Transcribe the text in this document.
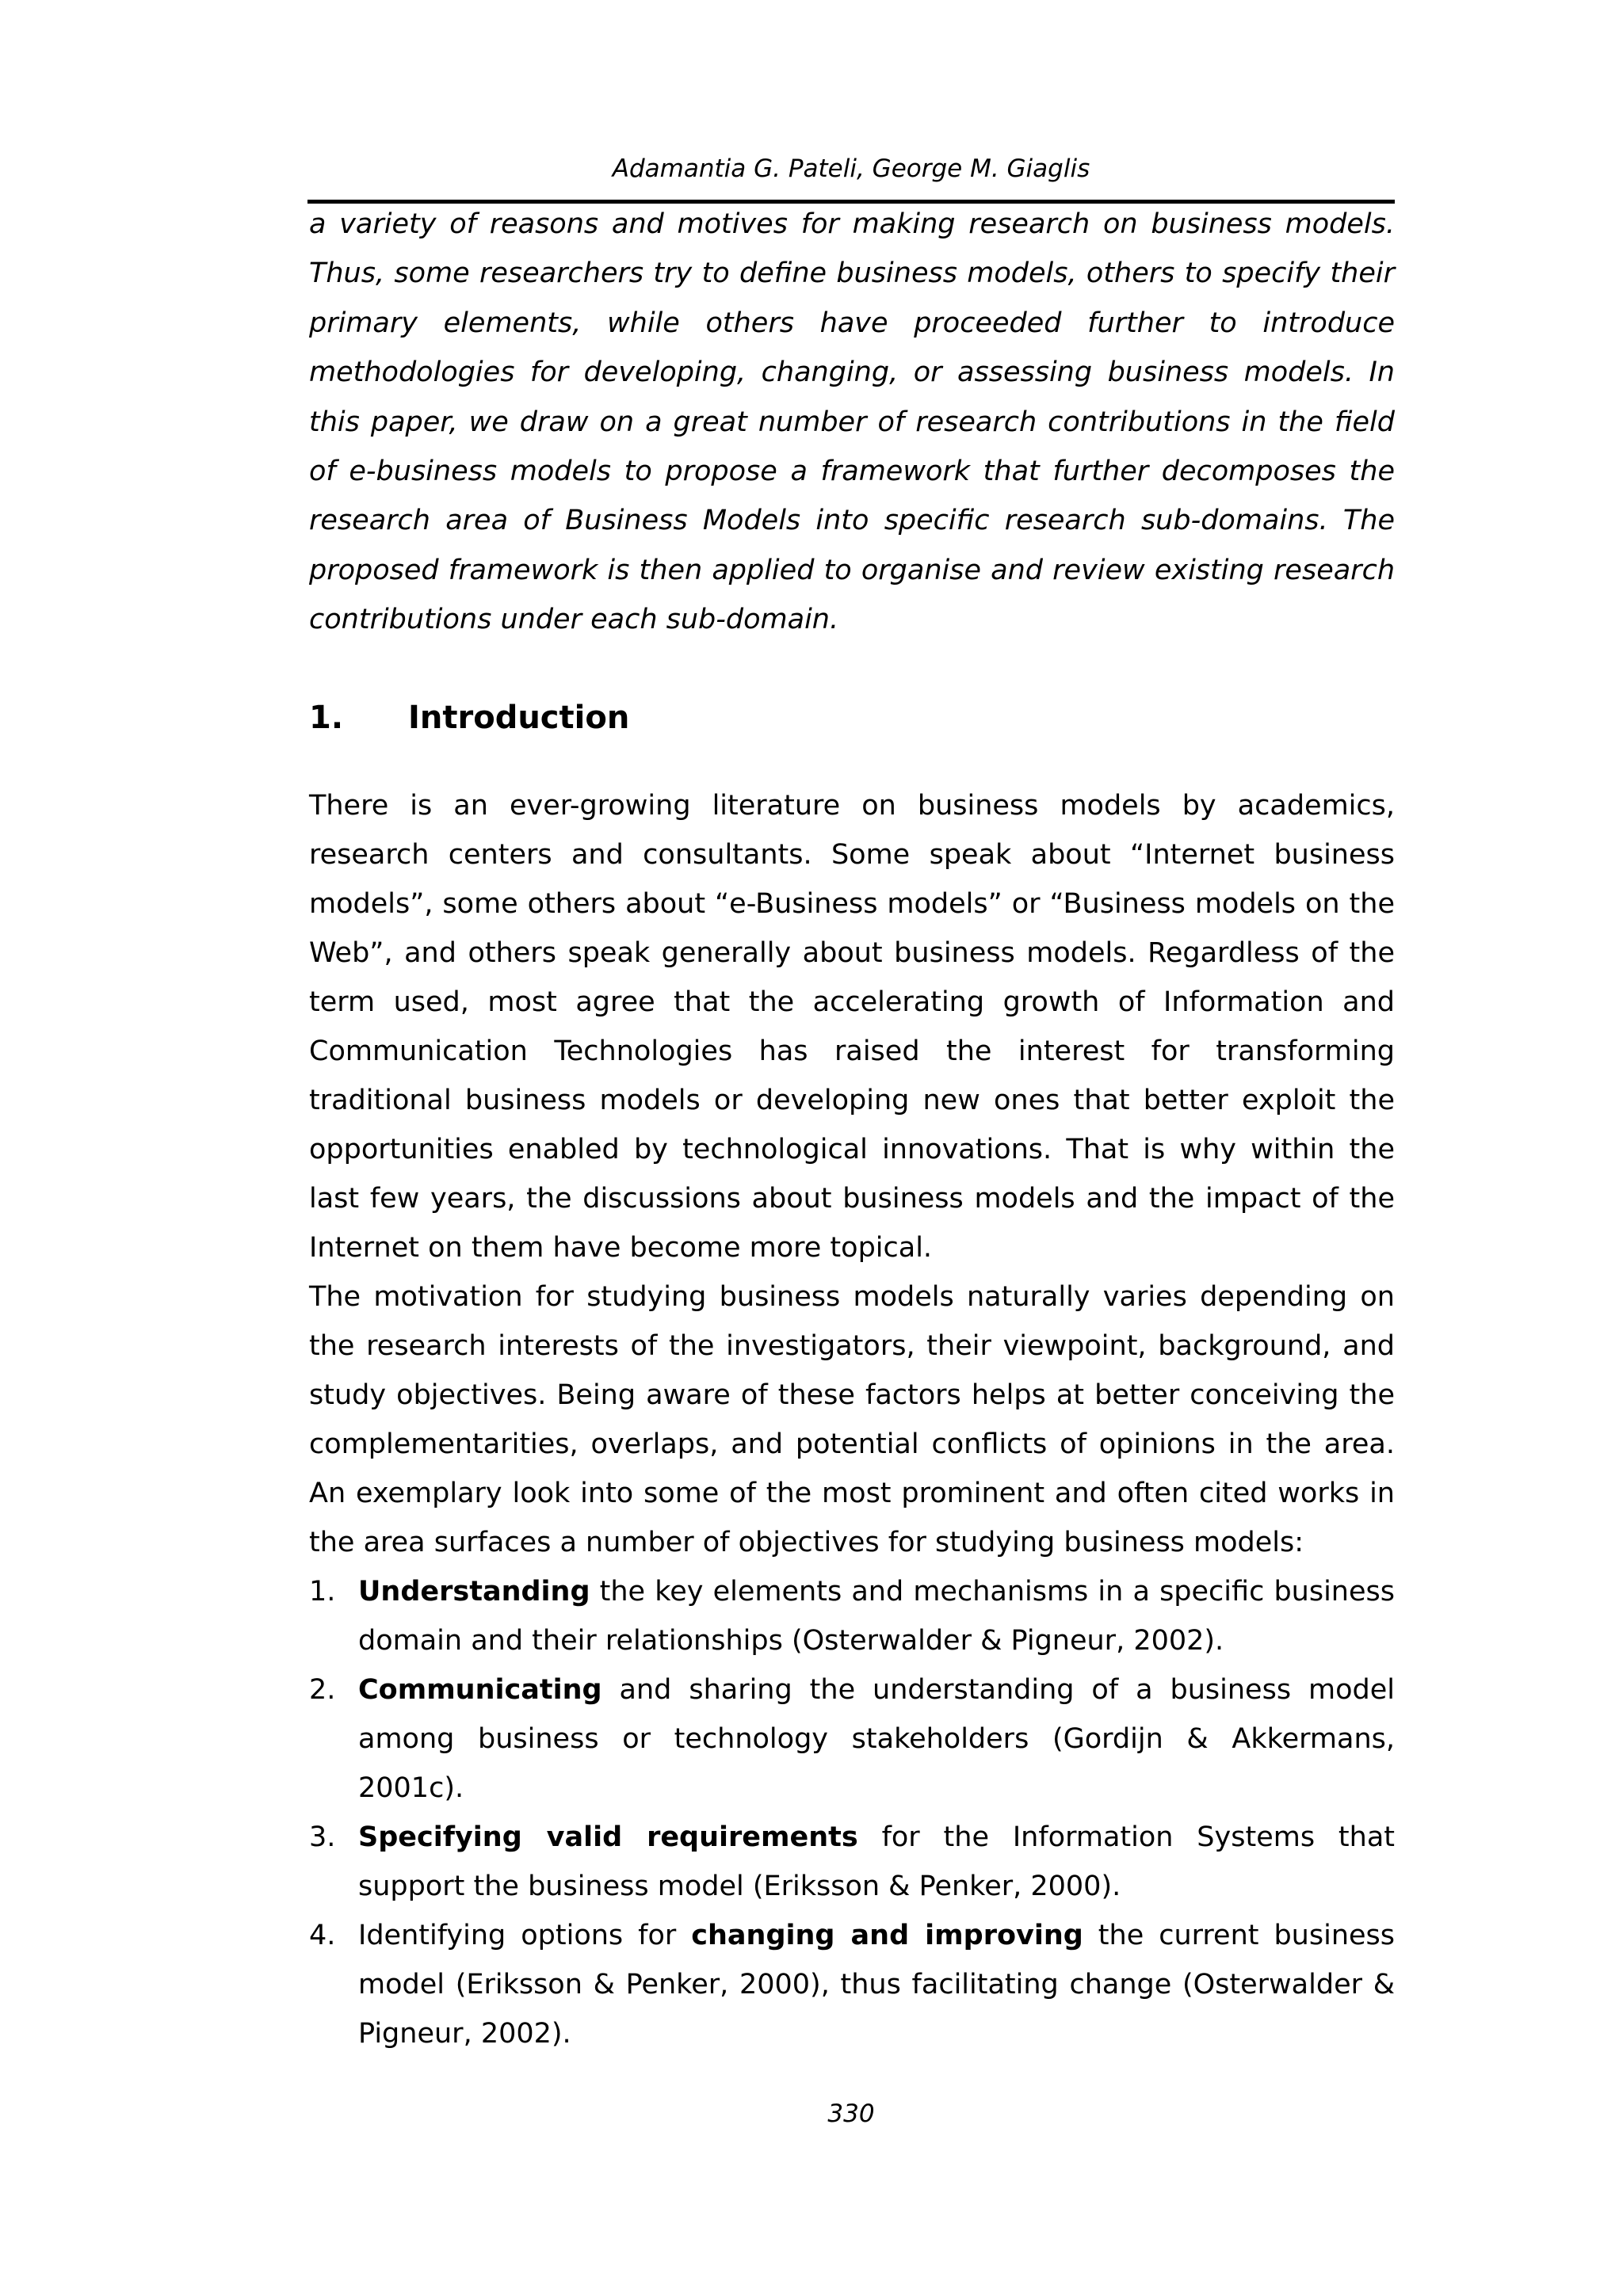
Adamantia G. Pateli, George M. Giaglis

a variety of reasons and motives for making research on business models. Thus, some researchers try to define business models, others to specify their primary elements, while others have proceeded further to introduce methodologies for developing, changing, or assessing business models. In this paper, we draw on a great number of research contributions in the field of e-business models to propose a framework that further decomposes the research area of Business Models into specific research sub-domains. The proposed framework is then applied to organise and review existing research contributions under each sub-domain.

1. Introduction

There is an ever-growing literature on business models by academics, research centers and consultants. Some speak about “Internet business models”, some others about “e-Business models” or “Business models on the Web”, and others speak generally about business models. Regardless of the term used, most agree that the accelerating growth of Information and Communication Technologies has raised the interest for transforming traditional business models or developing new ones that better exploit the opportunities enabled by technological innovations. That is why within the last few years, the discussions about business models and the impact of the Internet on them have become more topical.

The motivation for studying business models naturally varies depending on the research interests of the investigators, their viewpoint, background, and study objectives. Being aware of these factors helps at better conceiving the complementarities, overlaps, and potential conflicts of opinions in the area. An exemplary look into some of the most prominent and often cited works in the area surfaces a number of objectives for studying business models:

1. Understanding the key elements and mechanisms in a specific business domain and their relationships (Osterwalder & Pigneur, 2002).
2. Communicating and sharing the understanding of a business model among business or technology stakeholders (Gordijn & Akkermans, 2001c).
3. Specifying valid requirements for the Information Systems that support the business model (Eriksson & Penker, 2000).
4. Identifying options for changing and improving the current business model (Eriksson & Penker, 2000), thus facilitating change (Osterwalder & Pigneur, 2002).
330
